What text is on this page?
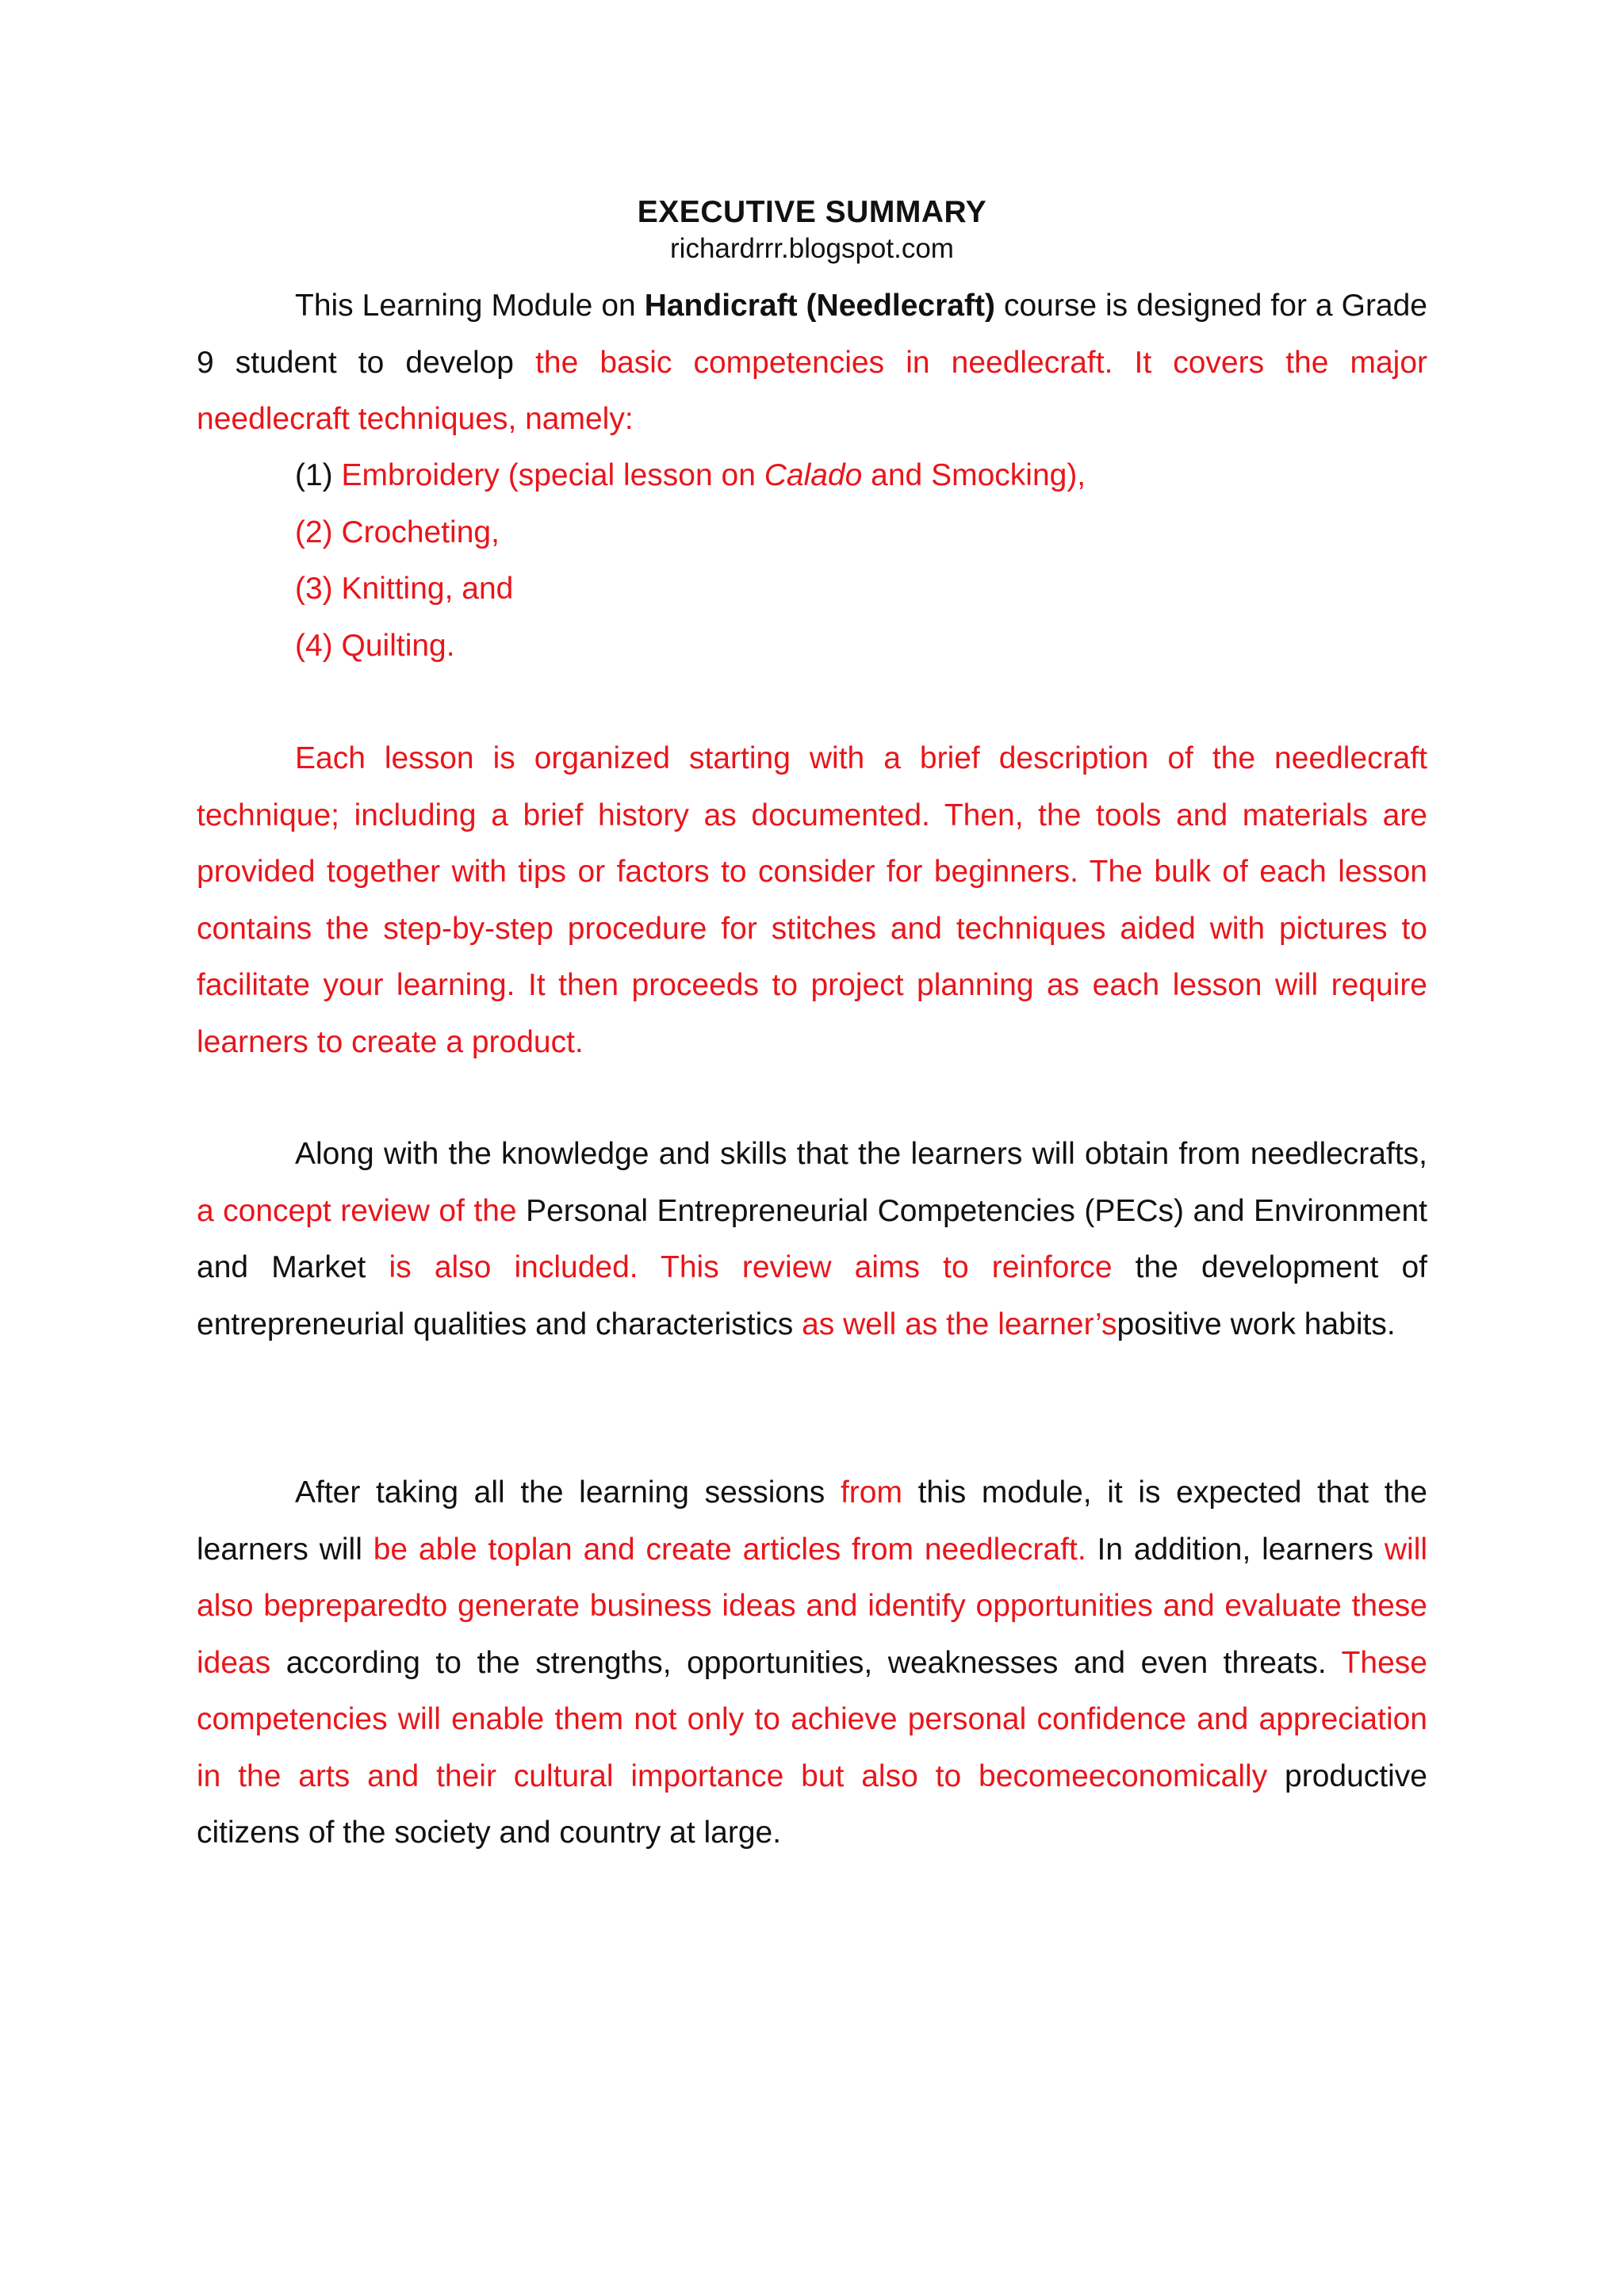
EXECUTIVE SUMMARY
richardrrr.blogspot.com
This Learning Module on Handicraft (Needlecraft) course is designed for a Grade 9 student to develop the basic competencies in needlecraft. It covers the major needlecraft techniques, namely:
(1) Embroidery (special lesson on Calado and Smocking),
(2) Crocheting,
(3) Knitting, and
(4) Quilting.
Each lesson is organized starting with a brief description of the needlecraft technique; including a brief history as documented. Then, the tools and materials are provided together with tips or factors to consider for beginners. The bulk of each lesson contains the step-by-step procedure for stitches and techniques aided with pictures to facilitate your learning. It then proceeds to project planning as each lesson will require learners to create a product.
Along with the knowledge and skills that the learners will obtain from needlecrafts, a concept review of the Personal Entrepreneurial Competencies (PECs) and Environment and Market is also included. This review aims to reinforce the development of entrepreneurial qualities and characteristics as well as the learner’spositive work habits.
After taking all the learning sessions from this module, it is expected that the learners will be able toplan and create articles from needlecraft. In addition, learners will also bepreparedto generate business ideas and identify opportunities and evaluate these ideas according to the strengths, opportunities, weaknesses and even threats. These competencies will enable them not only to achieve personal confidence and appreciation in the arts and their cultural importance but also to becomeeconomically productive citizens of the society and country at large.
